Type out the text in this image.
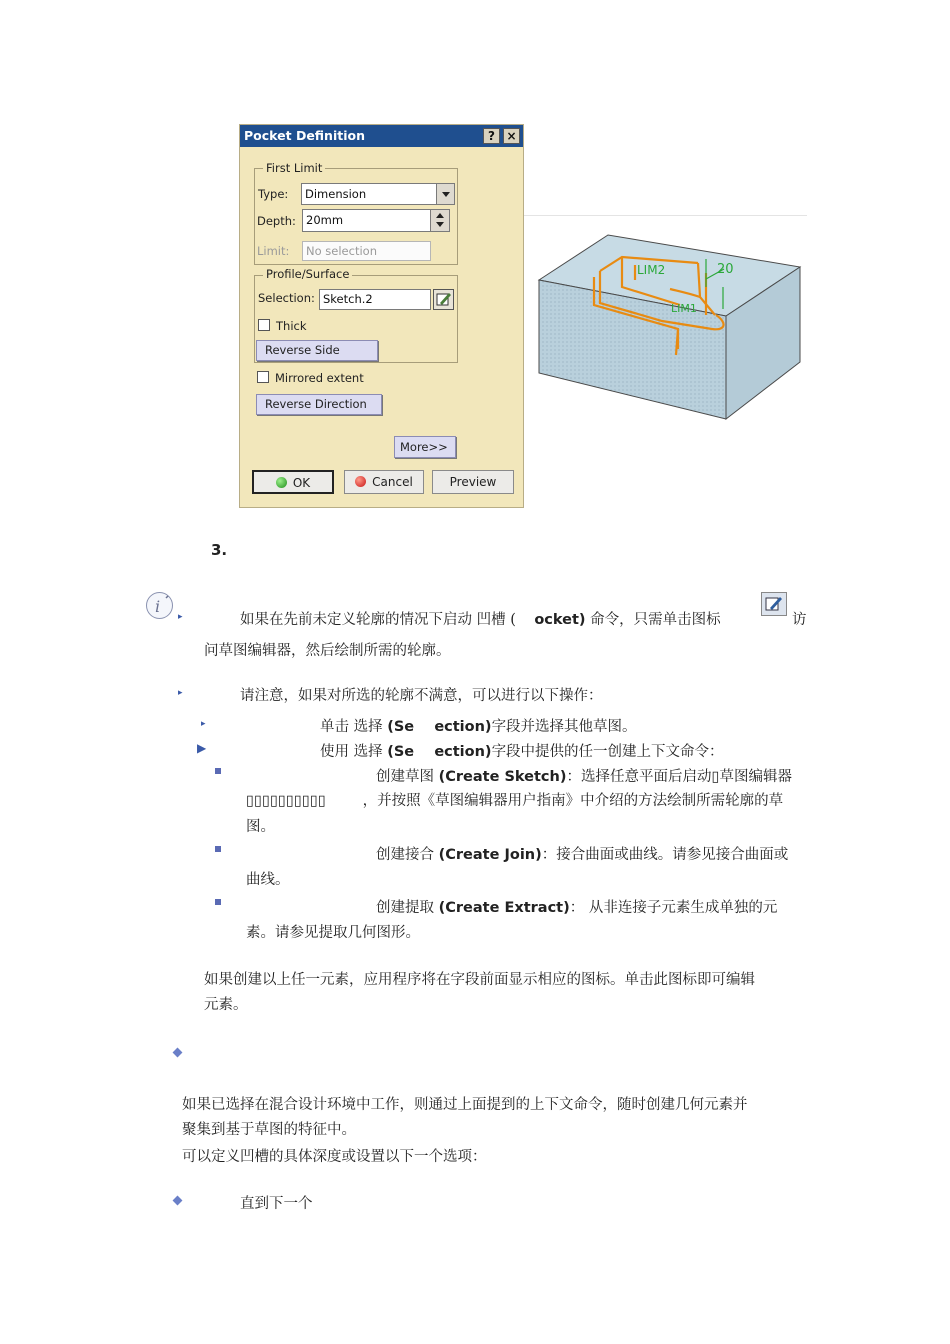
Pocket Definition	? ×
First Limit
Type:	Dimension
Depth: 20mm
Limit:	No selection
Profile/Surface
Selection: Sketch.2
Thick
Reverse Side
Mirrored extent
Reverse Direction
More>>
OK	Cancel	Preview
LIM2
LIM1
20
3.
i
▸	如果在先前未定义轮廓的情况下启动 凹槽 ( ocket) 命令，只需单击图标	访
问草图编辑器，然后绘制所需的轮廓。
▸	请注意，如果对所选的轮廓不满意，可以进行以下操作：
▸	单击 选择 (Se    ection)字段并选择其他草图。
▶	使用 选择 (Se    ection)字段中提供的任一创建上下文命令：
创建草图 (Create Sketch)：选择任意平面后启动▯草图编辑器
▯▯▯▯▯▯▯▯▯▯        ，并按照《草图编辑器用户指南》中介绍的方法绘制所需轮廓的草
图。
创建接合 (Create Join)：接合曲面或曲线。请参见接合曲面或
曲线。
创建提取 (Create Extract)： 从非连接子元素生成单独的元
素。请参见提取几何图形。
如果创建以上任一元素，应用程序将在字段前面显示相应的图标。单击此图标即可编辑
元素。
如果已选择在混合设计环境中工作，则通过上面提到的上下文命令，随时创建几何元素并
聚集到基于草图的特征中。
可以定义凹槽的具体深度或设置以下一个选项：
直到下一个
